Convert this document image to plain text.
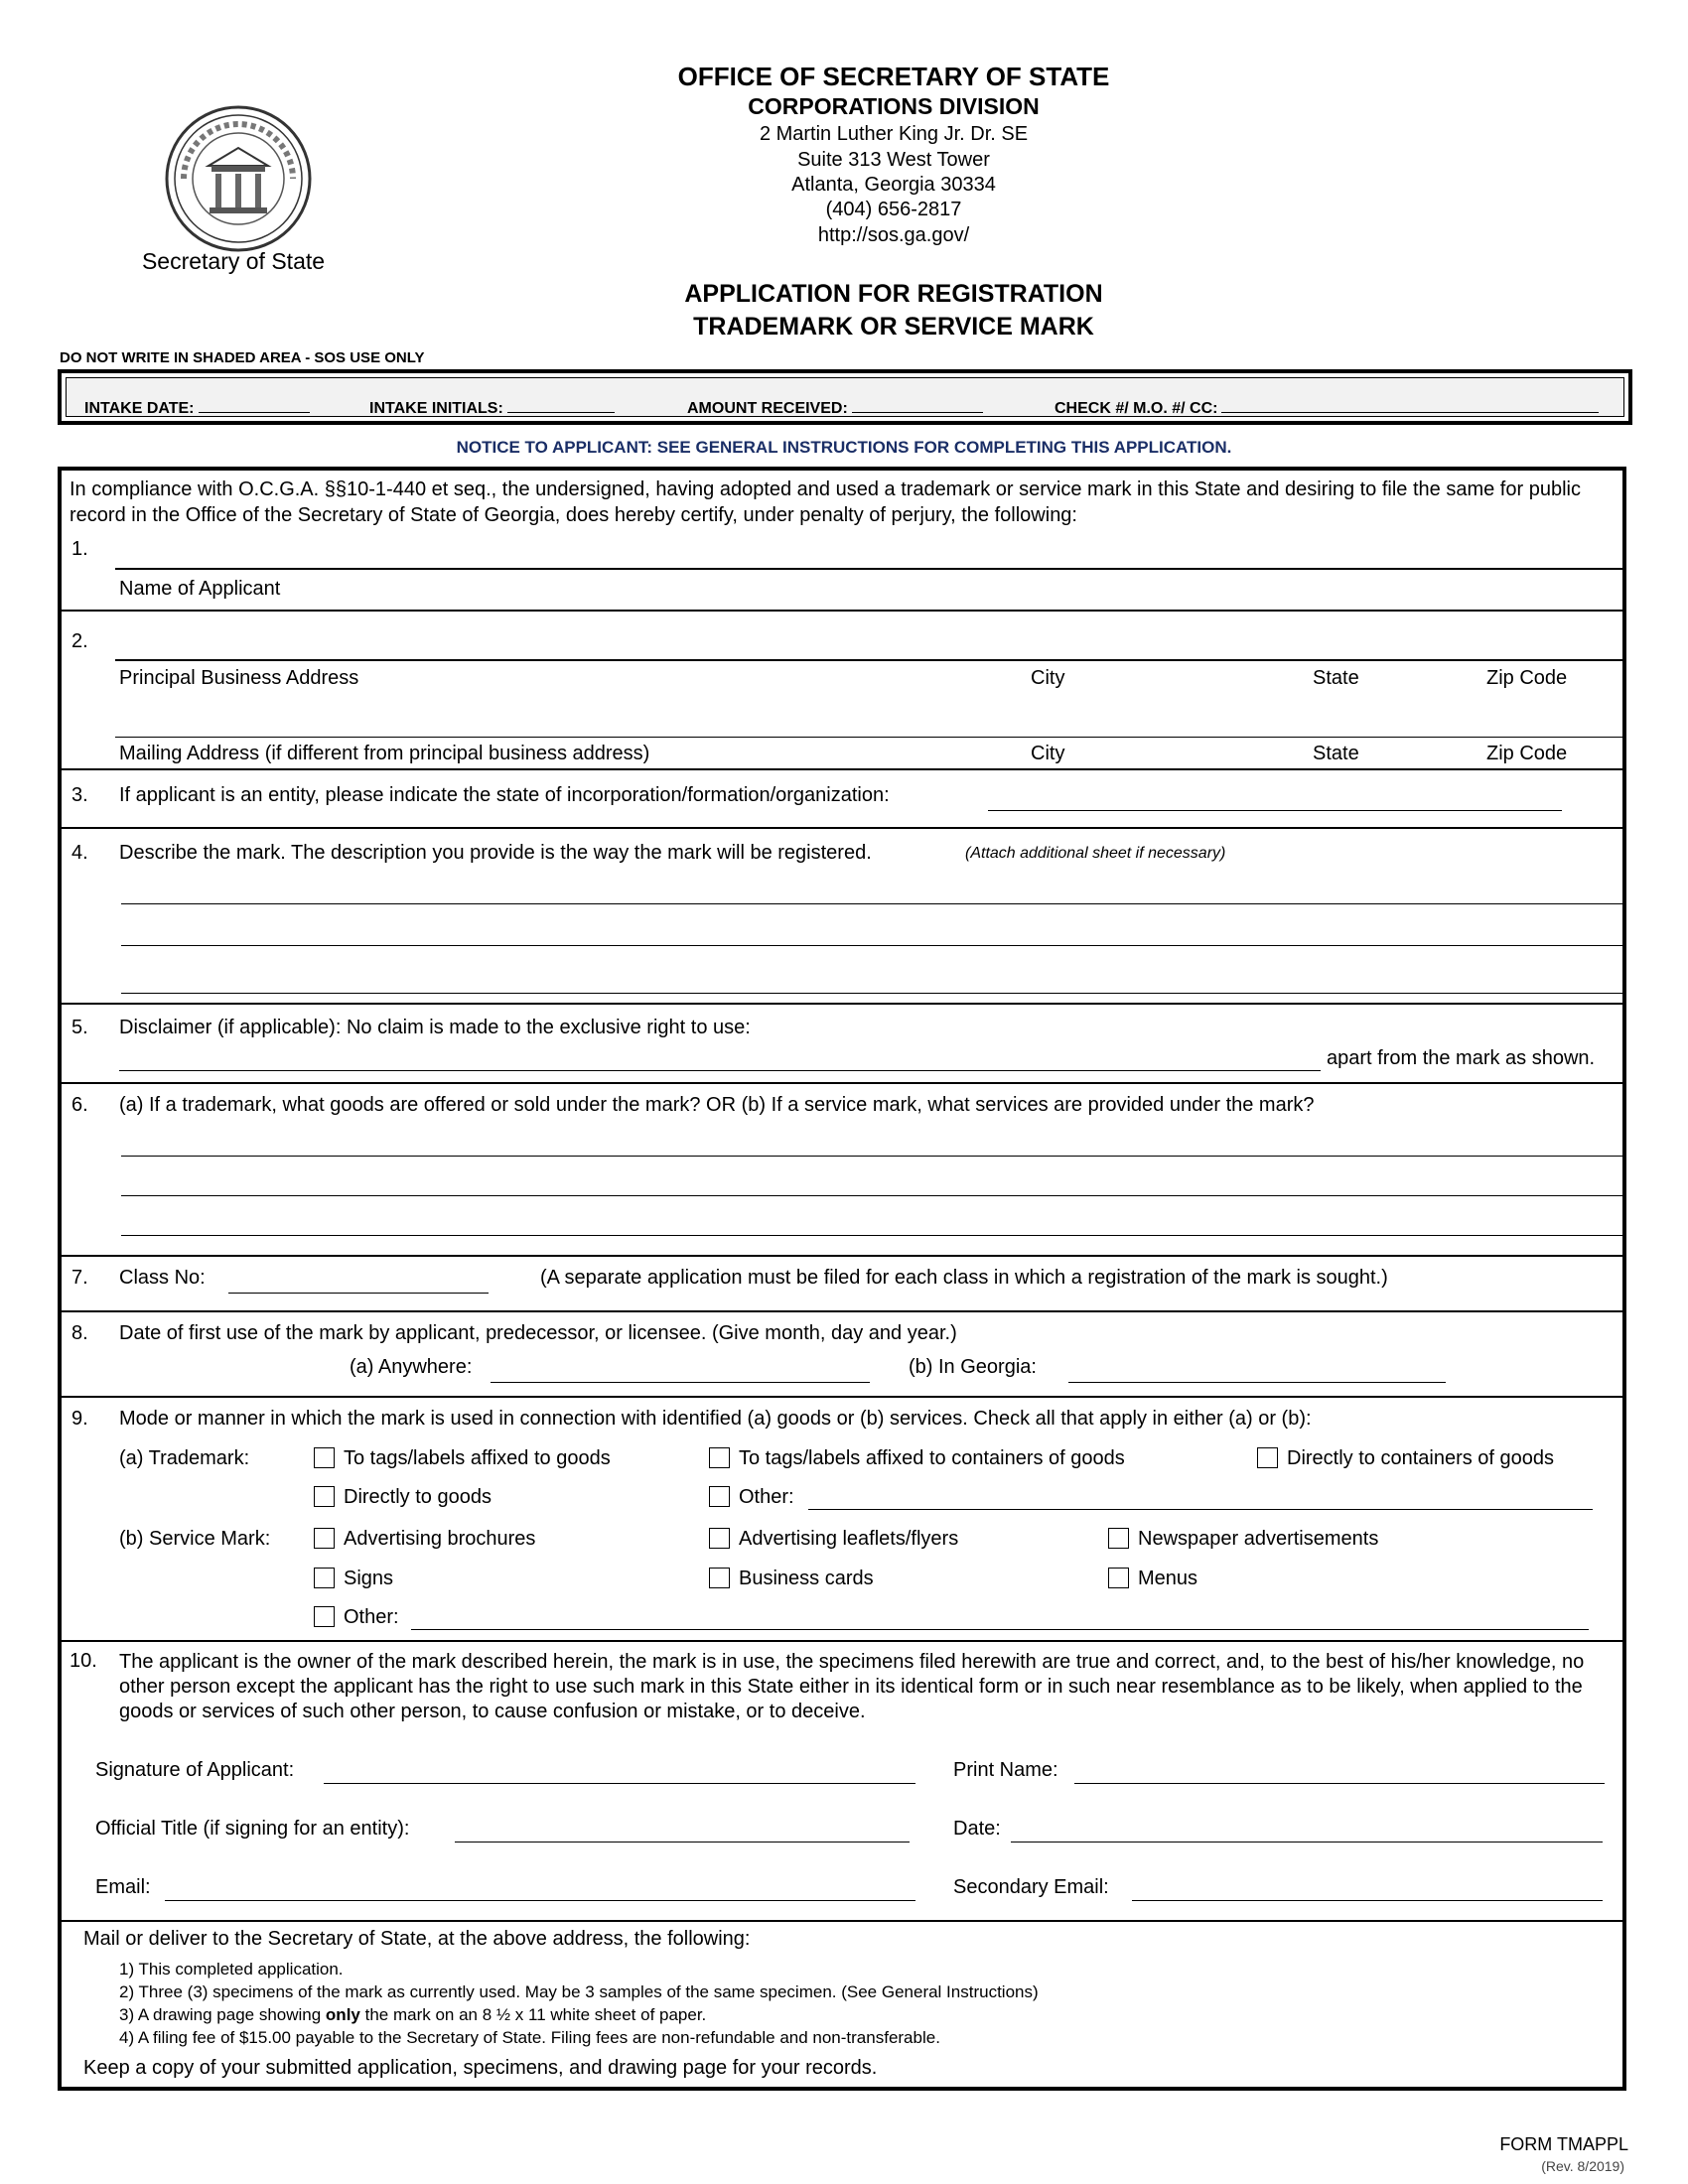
Secretary of State
OFFICE OF SECRETARY OF STATE
CORPORATIONS DIVISION
2 Martin Luther King Jr. Dr. SE
Suite 313 West Tower
Atlanta, Georgia 30334
(404) 656-2817
http://sos.ga.gov/
APPLICATION FOR REGISTRATION
TRADEMARK OR SERVICE MARK
DO NOT WRITE IN SHADED AREA - SOS USE ONLY
INTAKE DATE:	INTAKE INITIALS:	AMOUNT RECEIVED:	CHECK #/ M.O. #/ CC:
NOTICE TO APPLICANT: SEE GENERAL INSTRUCTIONS FOR COMPLETING THIS APPLICATION.
In compliance with O.C.G.A. §§10-1-440 et seq., the undersigned, having adopted and used a trademark or service mark in this State and desiring to file the same for public record in the Office of the Secretary of State of Georgia, does hereby certify, under penalty of perjury, the following:
1.
Name of Applicant
2.
Principal Business Address	City	State	Zip Code
Mailing Address (if different from principal business address)	City	State	Zip Code
3. If applicant is an entity, please indicate the state of incorporation/formation/organization:
4. Describe the mark. The description you provide is the way the mark will be registered.	(Attach additional sheet if necessary)
5. Disclaimer (if applicable): No claim is made to the exclusive right to use:
apart from the mark as shown.
6. (a) If a trademark, what goods are offered or sold under the mark? OR (b) If a service mark, what services are provided under the mark?
7. Class No:	(A separate application must be filed for each class in which a registration of the mark is sought.)
8. Date of first use of the mark by applicant, predecessor, or licensee. (Give month, day and year.)
(a) Anywhere:	(b) In Georgia:
9. Mode or manner in which the mark is used in connection with identified (a) goods or (b) services. Check all that apply in either (a) or (b):
(a) Trademark:	To tags/labels affixed to goods	To tags/labels affixed to containers of goods	Directly to containers of goods
Directly to goods	Other:
(b) Service Mark:	Advertising brochures	Advertising leaflets/flyers	Newspaper advertisements
Signs	Business cards	Menus
Other:
10. The applicant is the owner of the mark described herein, the mark is in use, the specimens filed herewith are true and correct, and, to the best of his/her knowledge, no other person except the applicant has the right to use such mark in this State either in its identical form or in such near resemblance as to be likely, when applied to the goods or services of such other person, to cause confusion or mistake, or to deceive.
Signature of Applicant:	Print Name:
Official Title (if signing for an entity):	Date:
Email:	Secondary Email:
Mail or deliver to the Secretary of State, at the above address, the following:
1) This completed application.
2) Three (3) specimens of the mark as currently used. May be 3 samples of the same specimen. (See General Instructions)
3) A drawing page showing only the mark on an 8 ½ x 11 white sheet of paper.
4) A filing fee of $15.00 payable to the Secretary of State. Filing fees are non-refundable and non-transferable.
Keep a copy of your submitted application, specimens, and drawing page for your records.
FORM TMAPPL
(Rev. 8/2019)
